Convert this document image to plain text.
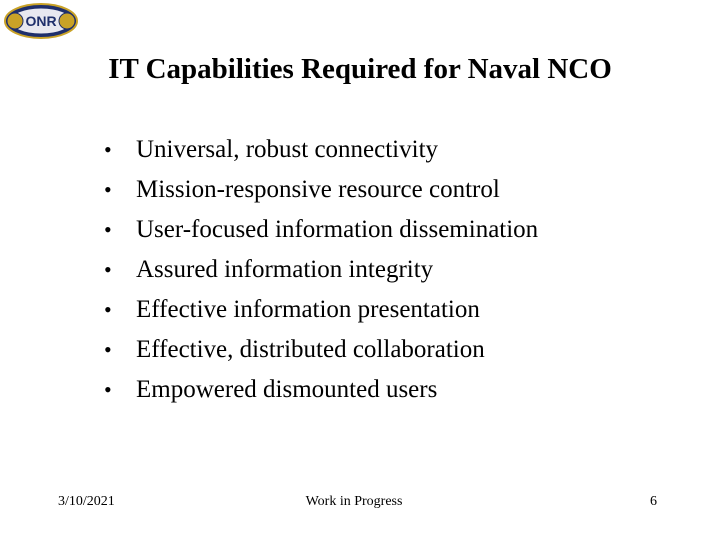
ONR
IT Capabilities Required for Naval NCO
• Universal, robust connectivity
• Mission-responsive resource control
• User-focused information dissemination
• Assured information integrity
• Effective information presentation
• Effective, distributed collaboration
• Empowered dismounted users
3/10/2021	Work in Progress	6
